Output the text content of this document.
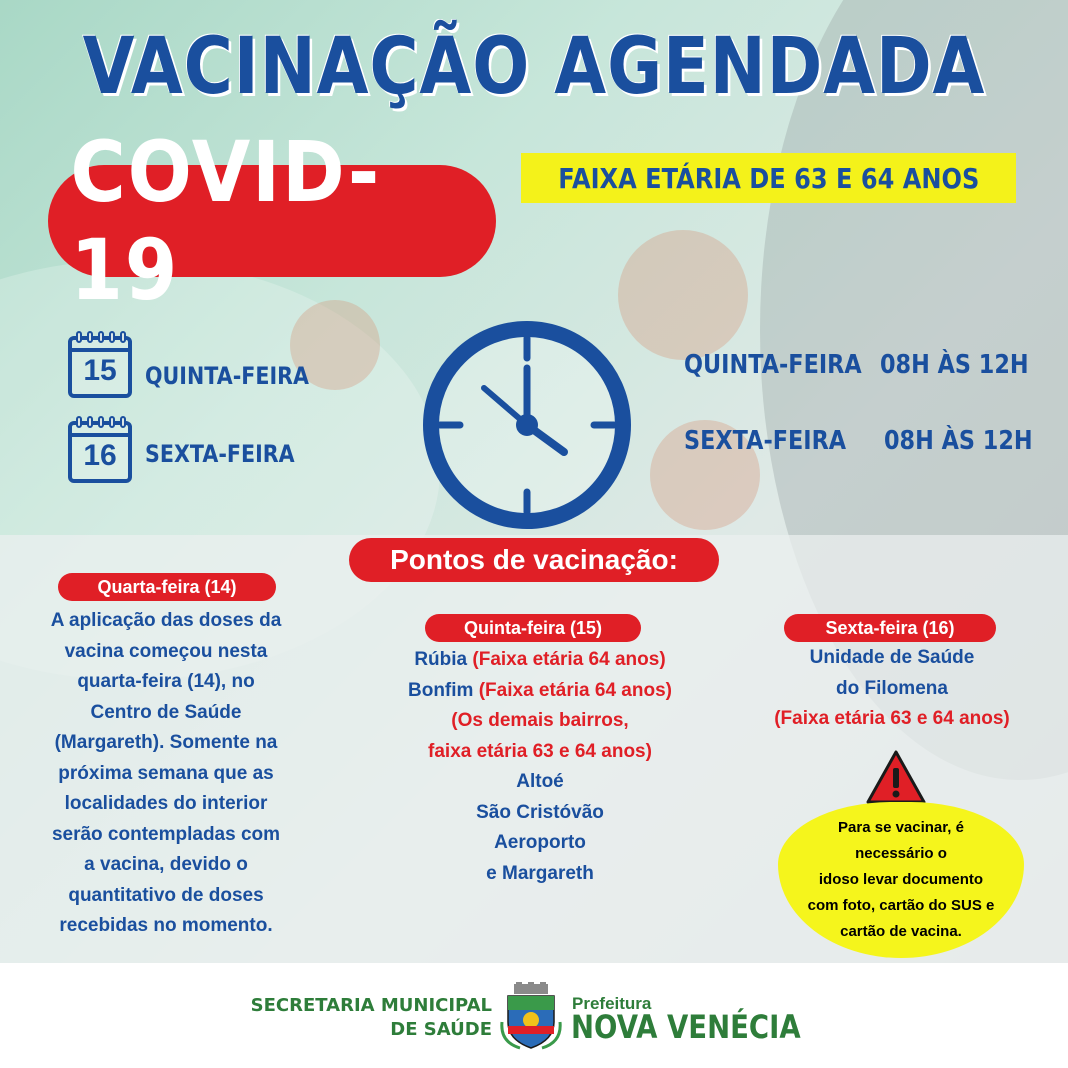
VACINAÇÃO AGENDADA
COVID-19
FAIXA ETÁRIA DE 63 E 64 ANOS
15	QUINTA-FEIRA
16	SEXTA-FEIRA
QUINTA-FEIRA 08H ÀS 12H
SEXTA-FEIRA 08H ÀS 12H
Pontos de vacinação:
Quarta-feira (14)
Quinta-feira (15)	Sexta-feira (16)
A aplicação das doses da
vacina começou nesta
quarta-feira (14), no
Centro de Saúde
(Margareth). Somente na
próxima semana que as
localidades do interior
serão contempladas com
a vacina, devido o
quantitativo de doses
recebidas no momento.
Rúbia (Faixa etária 64 anos)
Bonfim (Faixa etária 64 anos)
(Os demais bairros,
faixa etária 63 e 64 anos)
Altoé
São Cristóvão
Aeroporto
e Margareth
Unidade de Saúde
do Filomena
(Faixa etária 63 e 64 anos)
Para se vacinar, é
necessário o
idoso levar documento
com foto, cartão do SUS e
cartão de vacina.
SECRETARIA MUNICIPAL
DE SAÚDE
Prefeitura
NOVA VENÉCIA
